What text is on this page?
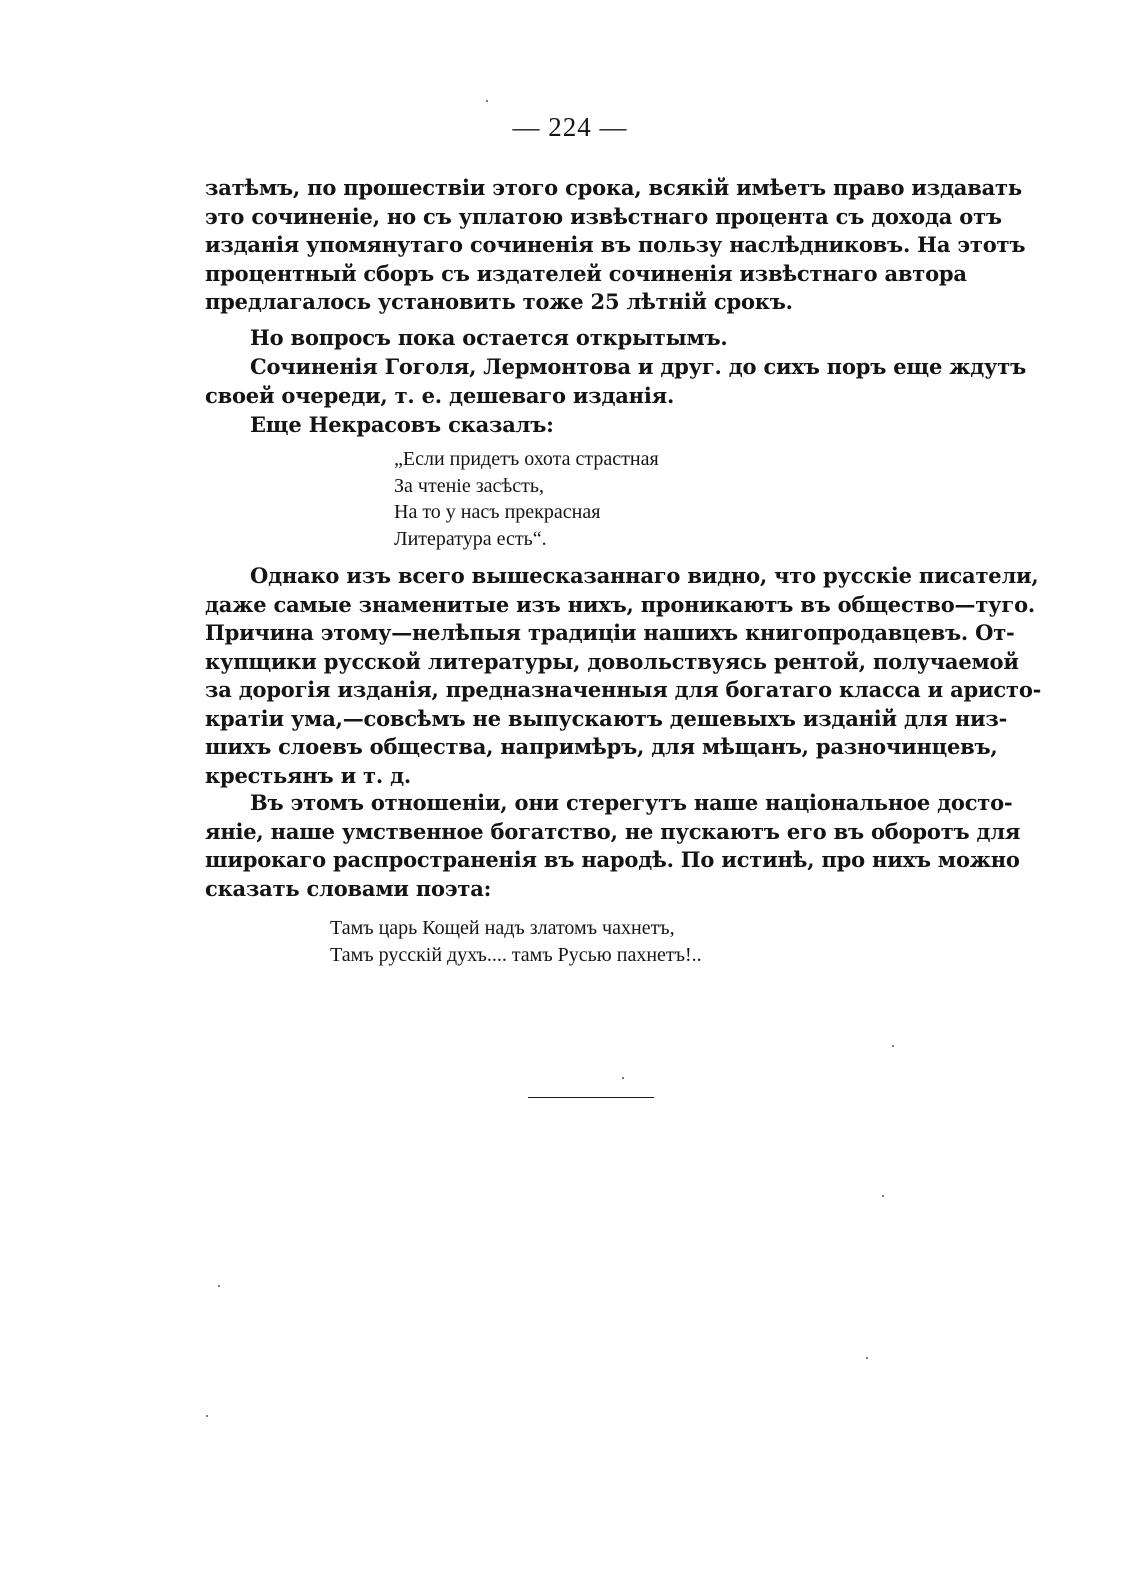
— 224 —
затѣмъ, по прошествіи этого срока, всякій имѣетъ право издавать
это сочиненіе, но съ уплатою извѣстнаго процента съ дохода отъ
изданія упомянутаго сочиненія въ пользу наслѣдниковъ. На этотъ
процентный сборъ съ издателей сочиненія извѣстнаго автора
предлагалось установить тоже 25 лѣтній срокъ.
Но вопросъ пока остается открытымъ.
Сочиненія Гоголя, Лермонтова и друг. до сихъ поръ еще ждутъ
своей очереди, т. е. дешеваго изданія.
Еще Некрасовъ сказалъ:
„Если придетъ охота страстная
За чтеніе засѣсть,
На то у насъ прекрасная
Литература есть“.
Однако изъ всего вышесказаннаго видно, что русскіе писатели,
даже самые знаменитые изъ нихъ, проникаютъ въ общество—туго.
Причина этому—нелѣпыя традиціи нашихъ книгопродавцевъ. От-
купщики русской литературы, довольствуясь рентой, получаемой
за дорогія изданія, предназначенныя для богатаго класса и аристо-
кратіи ума,—совсѣмъ не выпускаютъ дешевыхъ изданій для низ-
шихъ слоевъ общества, напримѣръ, для мѣщанъ, разночинцевъ,
крестьянъ и т. д.
Въ этомъ отношеніи, они стерегутъ наше національное досто-
яніе, наше умственное богатство, не пускаютъ его въ оборотъ для
широкаго распространенія въ народѣ. По истинѣ, про нихъ можно
сказать словами поэта:
Тамъ царь Кощей надъ златомъ чахнетъ,
Тамъ русскій духъ.... тамъ Русью пахнетъ!..
